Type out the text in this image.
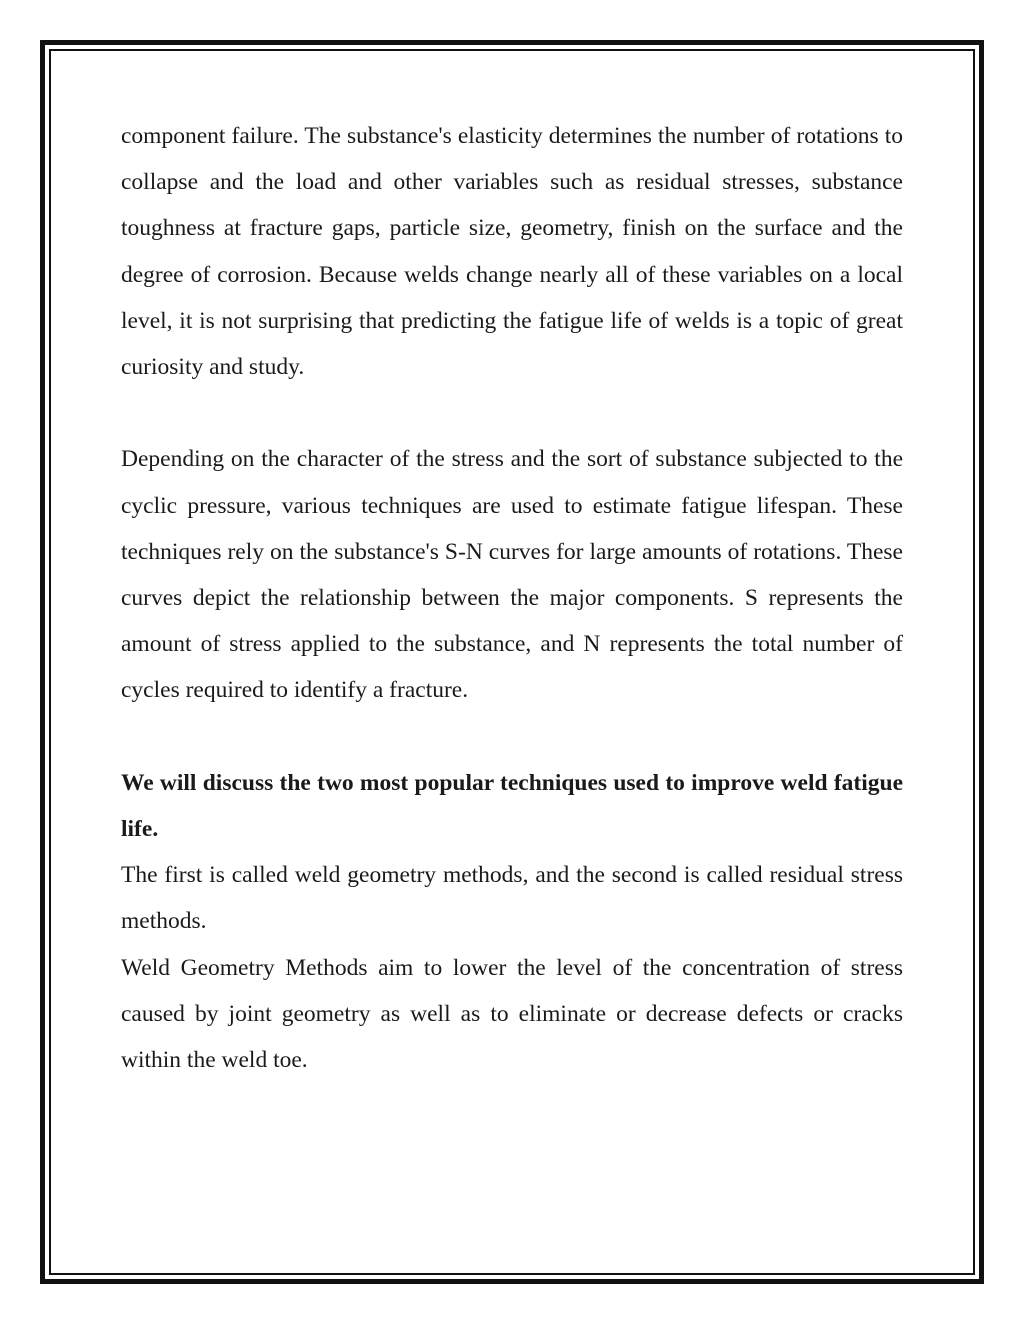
component failure. The substance's elasticity determines the number of rotations to collapse and the load and other variables such as residual stresses, substance toughness at fracture gaps, particle size, geometry, finish on the surface and the degree of corrosion. Because welds change nearly all of these variables on a local level, it is not surprising that predicting the fatigue life of welds is a topic of great curiosity and study.

Depending on the character of the stress and the sort of substance subjected to the cyclic pressure, various techniques are used to estimate fatigue lifespan. These techniques rely on the substance's S-N curves for large amounts of rotations. These curves depict the relationship between the major components. S represents the amount of stress applied to the substance, and N represents the total number of cycles required to identify a fracture.

We will discuss the two most popular techniques used to improve weld fatigue life.

The first is called weld geometry methods, and the second is called residual stress methods.

Weld Geometry Methods aim to lower the level of the concentration of stress caused by joint geometry as well as to eliminate or decrease defects or cracks within the weld toe.
